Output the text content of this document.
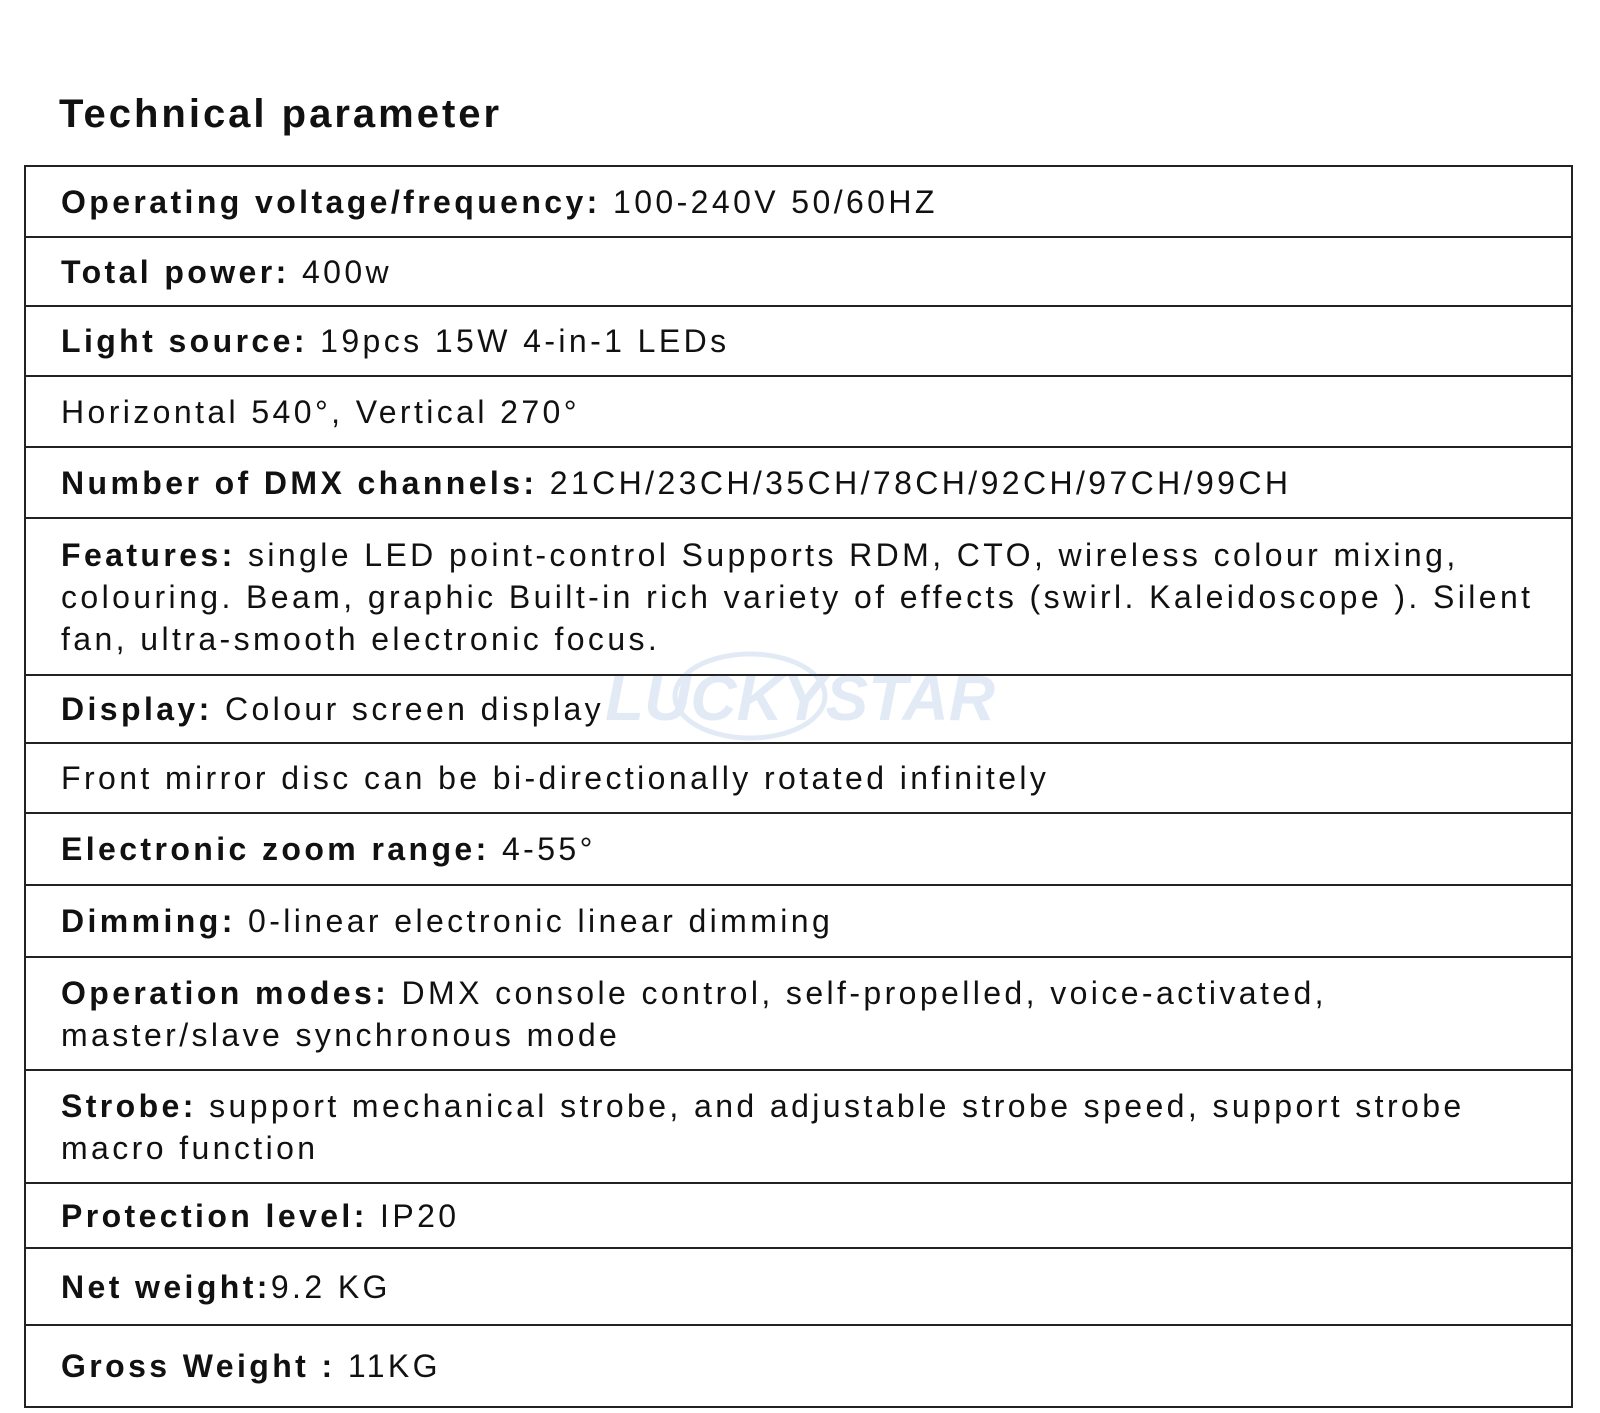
Technical parameter
Operating voltage/frequency: 100-240V 50/60HZ
Total power: 400w
Light source: 19pcs 15W 4-in-1 LEDs
Horizontal 540°, Vertical 270°
Number of DMX channels: 21CH/23CH/35CH/78CH/92CH/97CH/99CH
Features: single LED point-control Supports RDM, CTO, wireless colour mixing, colouring. Beam, graphic Built-in rich variety of effects (swirl. Kaleidoscope ). Silent fan, ultra-smooth electronic focus.
Display: Colour screen display
Front mirror disc can be bi-directionally rotated infinitely
Electronic zoom range: 4-55°
Dimming: 0-linear electronic linear dimming
Operation modes: DMX console control, self-propelled, voice-activated, master/slave synchronous mode
Strobe: support mechanical strobe, and adjustable strobe speed, support strobe macro function
Protection level: IP20
Net weight:9.2 KG
Gross Weight : 11KG
LUCKYSTAR
